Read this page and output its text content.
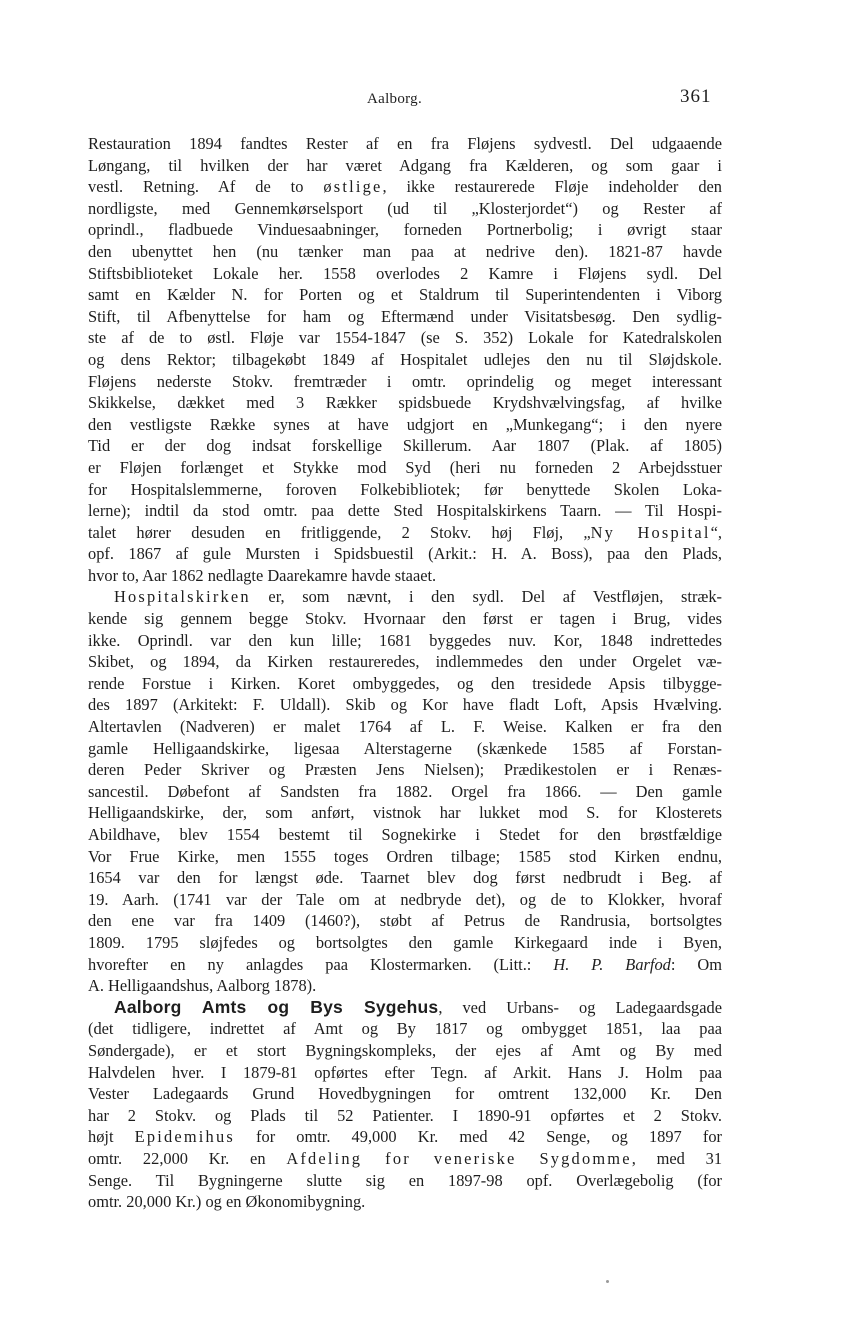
Aalborg.	361
Restauration 1894 fandtes Rester af en fra Fløjens sydvestl. Del udgaaende
Løngang, til hvilken der har været Adgang fra Kælderen, og som gaar i
vestl. Retning. Af de to østlige, ikke restaurerede Fløje indeholder den
nordligste, med Gennemkørselsport (ud til „Klosterjordet“) og Rester af
oprindl., fladbuede Vinduesaabninger, forneden Portnerbolig; i øvrigt staar
den ubenyttet hen (nu tænker man paa at nedrive den). 1821-87 havde
Stiftsbiblioteket Lokale her. 1558 overlodes 2 Kamre i Fløjens sydl. Del
samt en Kælder N. for Porten og et Staldrum til Superintendenten i Viborg
Stift, til Afbenyttelse for ham og Eftermænd under Visitatsbesøg. Den sydlig-
ste af de to østl. Fløje var 1554-1847 (se S. 352) Lokale for Katedralskolen
og dens Rektor; tilbagekøbt 1849 af Hospitalet udlejes den nu til Sløjdskole.
Fløjens nederste Stokv. fremtræder i omtr. oprindelig og meget interessant
Skikkelse, dækket med 3 Rækker spidsbuede Krydshvælvingsfag, af hvilke
den vestligste Række synes at have udgjort en „Munkegang“; i den nyere
Tid er der dog indsat forskellige Skillerum. Aar 1807 (Plak. af 1805)
er Fløjen forlænget et Stykke mod Syd (heri nu forneden 2 Arbejdsstuer
for Hospitalslemmerne, foroven Folkebibliotek; før benyttede Skolen Loka-
lerne); indtil da stod omtr. paa dette Sted Hospitalskirkens Taarn. — Til Hospi-
talet hører desuden en fritliggende, 2 Stokv. høj Fløj, „Ny Hospital“,
opf. 1867 af gule Mursten i Spidsbuestil (Arkit.: H. A. Boss), paa den Plads,
hvor to, Aar 1862 nedlagte Daarekamre havde staaet.
Hospitalskirken er, som nævnt, i den sydl. Del af Vestfløjen, stræk-
kende sig gennem begge Stokv. Hvornaar den først er tagen i Brug, vides
ikke. Oprindl. var den kun lille; 1681 byggedes nuv. Kor, 1848 indrettedes
Skibet, og 1894, da Kirken restaureredes, indlemmedes den under Orgelet væ-
rende Forstue i Kirken. Koret ombyggedes, og den tresidede Apsis tilbygge-
des 1897 (Arkitekt: F. Uldall). Skib og Kor have fladt Loft, Apsis Hvælving.
Altertavlen (Nadveren) er malet 1764 af L. F. Weise. Kalken er fra den
gamle Helligaandskirke, ligesaa Alterstagerne (skænkede 1585 af Forstan-
deren Peder Skriver og Præsten Jens Nielsen); Prædikestolen er i Renæs-
sancestil. Døbefont af Sandsten fra 1882. Orgel fra 1866. — Den gamle
Helligaandskirke, der, som anført, vistnok har lukket mod S. for Klosterets
Abildhave, blev 1554 bestemt til Sognekirke i Stedet for den brøstfældige
Vor Frue Kirke, men 1555 toges Ordren tilbage; 1585 stod Kirken endnu,
1654 var den for længst øde. Taarnet blev dog først nedbrudt i Beg. af
19. Aarh. (1741 var der Tale om at nedbryde det), og de to Klokker, hvoraf
den ene var fra 1409 (1460?), støbt af Petrus de Randrusia, bortsolgtes
1809. 1795 sløjfedes og bortsolgtes den gamle Kirkegaard inde i Byen,
hvorefter en ny anlagdes paa Klostermarken. (Litt.: H. P. Barfod: Om
A. Helligaandshus, Aalborg 1878).
Aalborg Amts og Bys Sygehus, ved Urbans- og Ladegaardsgade
(det tidligere, indrettet af Amt og By 1817 og ombygget 1851, laa paa
Søndergade), er et stort Bygningskompleks, der ejes af Amt og By med
Halvdelen hver. I 1879-81 opførtes efter Tegn. af Arkit. Hans J. Holm paa
Vester Ladegaards Grund Hovedbygningen for omtrent 132,000 Kr. Den
har 2 Stokv. og Plads til 52 Patienter. I 1890-91 opførtes et 2 Stokv.
højt Epidemihus for omtr. 49,000 Kr. med 42 Senge, og 1897 for
omtr. 22,000 Kr. en Afdeling for veneriske Sygdomme, med 31
Senge. Til Bygningerne slutte sig en 1897-98 opf. Overlægebolig (for
omtr. 20,000 Kr.) og en Økonomibygning.
